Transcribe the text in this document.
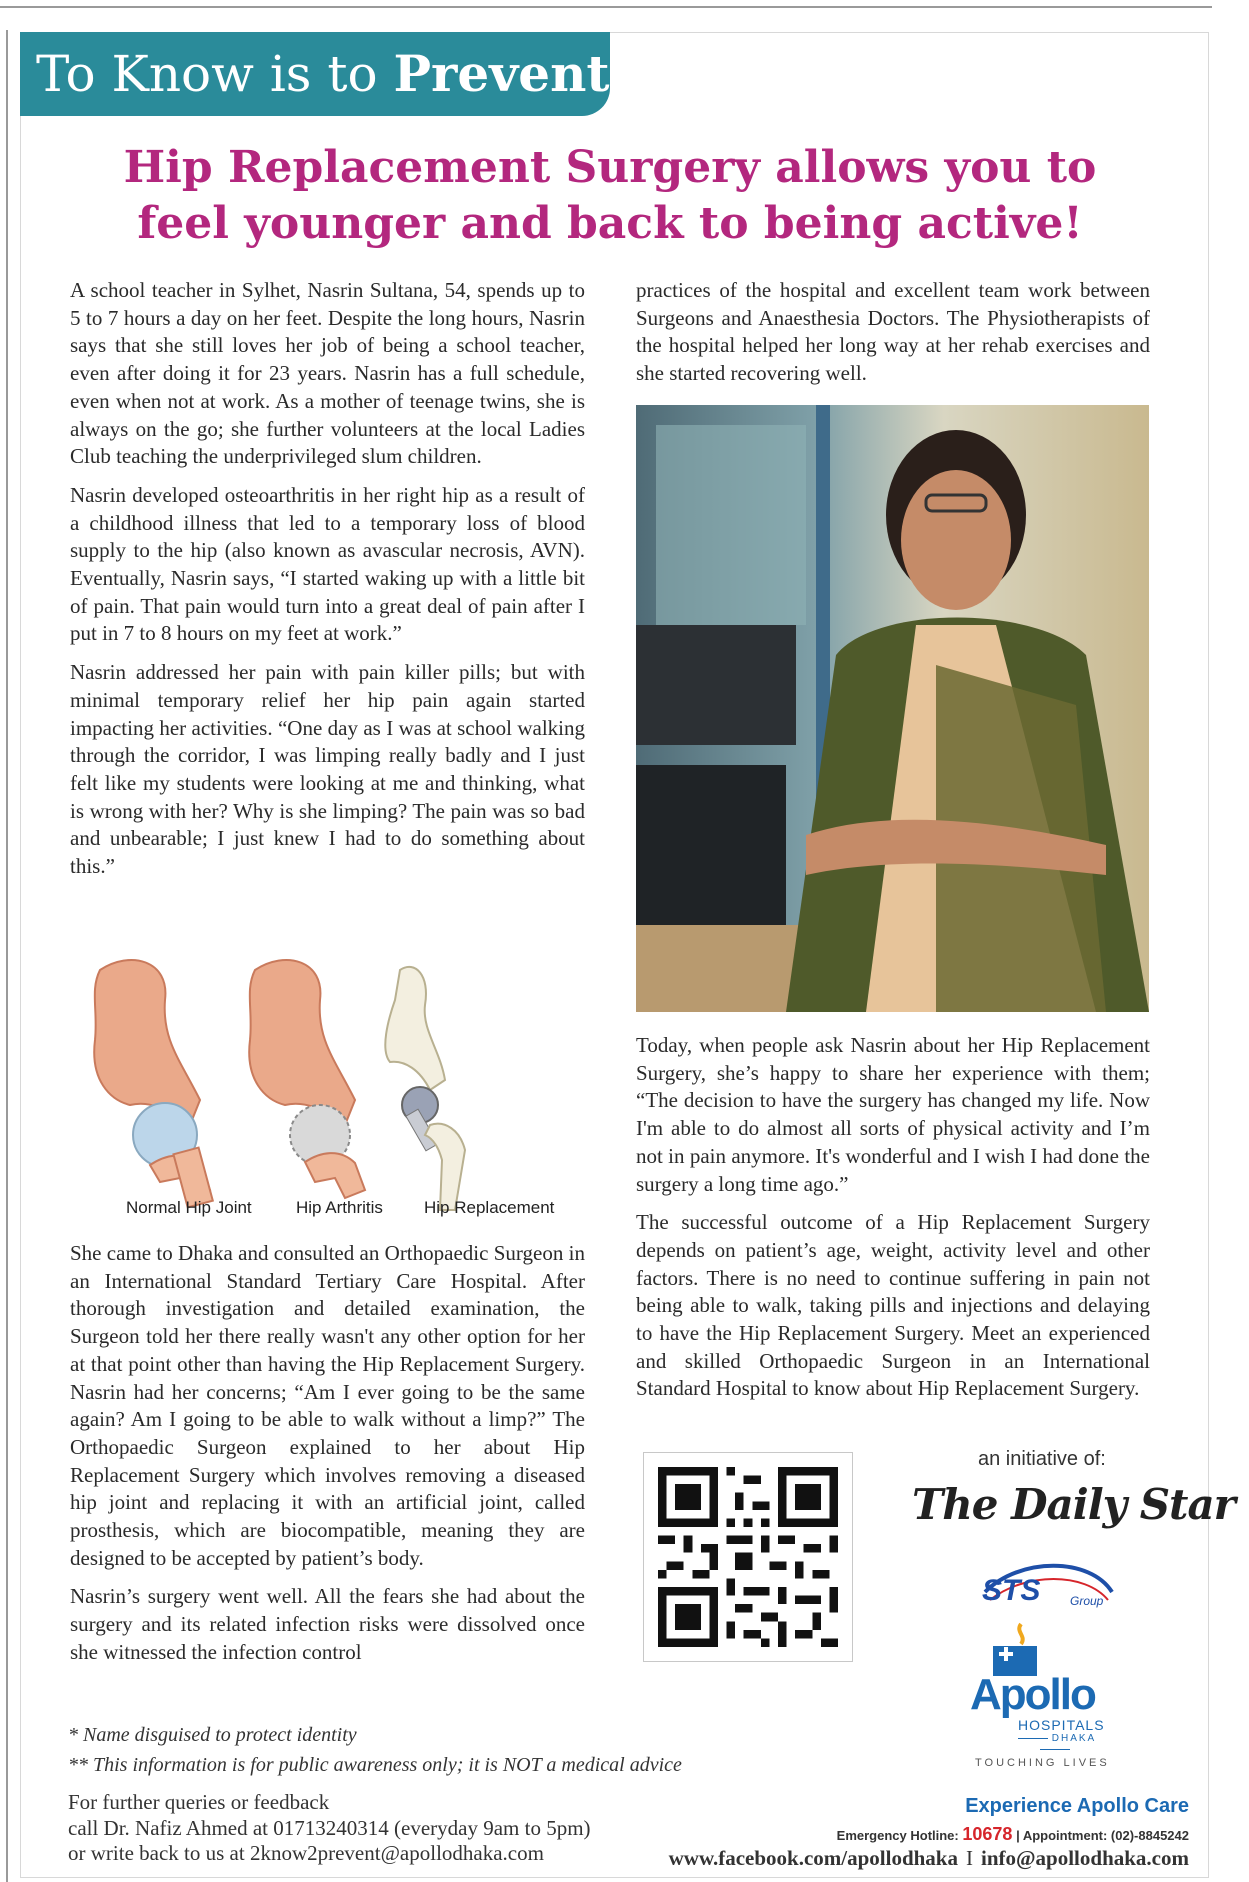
To Know is to Prevent
Hip Replacement Surgery allows you to
feel younger and back to being active!

A school teacher in Sylhet, Nasrin Sultana, 54, spends up to 5 to 7 hours a day on her feet. Despite the long hours, Nasrin says that she still loves her job of being a school teacher, even after doing it for 23 years. Nasrin has a full schedule, even when not at work. As a mother of teenage twins, she is always on the go; she further volunteers at the local Ladies Club teaching the underprivileged slum children.

Nasrin developed osteoarthritis in her right hip as a result of a childhood illness that led to a temporary loss of blood supply to the hip (also known as avascular necrosis, AVN). Eventually, Nasrin says, “I started waking up with a little bit of pain. That pain would turn into a great deal of pain after I put in 7 to 8 hours on my feet at work.”

Nasrin addressed her pain with pain killer pills; but with minimal temporary relief her hip pain again started impacting her activities. “One day as I was at school walking through the corridor, I was limping really badly and I just felt like my students were looking at me and thinking, what is wrong with her? Why is she limping? The pain was so bad and unbearable; I just knew I had to do something about this.”

Normal Hip Joint	Hip Arthritis Hip Replacement

She came to Dhaka and consulted an Orthopaedic Surgeon in an International Standard Tertiary Care Hospital. After thorough investigation and detailed examination, the Surgeon told her there really wasn't any other option for her at that point other than having the Hip Replacement Surgery. Nasrin had her concerns; “Am I ever going to be the same again? Am I going to be able to walk without a limp?” The Orthopaedic Surgeon explained to her about Hip Replacement Surgery which involves removing a diseased hip joint and replacing it with an artificial joint, called prosthesis, which are biocompatible, meaning they are designed to be accepted by patient’s body.

Nasrin’s surgery went well. All the fears she had about the surgery and its related infection risks were dissolved once she witnessed the infection control

practices of the hospital and excellent team work between Surgeons and Anaesthesia Doctors. The Physiotherapists of the hospital helped her long way at her rehab exercises and she started recovering well.

Today, when people ask Nasrin about her Hip Replacement Surgery, she’s happy to share her experience with them; “The decision to have the surgery has changed my life. Now I'm able to do almost all sorts of physical activity and I’m not in pain anymore. It's wonderful and I wish I had done the surgery a long time ago.”

The successful outcome of a Hip Replacement Surgery depends on patient’s age, weight, activity level and other factors. There is no need to continue suffering in pain not being able to walk, taking pills and injections and delaying to have the Hip Replacement Surgery. Meet an experienced and skilled Orthopaedic Surgeon in an International Standard Hospital to know about Hip Replacement Surgery.

an initiative of:
The Daily Star
STS Group
Apollo
HOSPITALS
DHAKA
TOUCHING LIVES
* Name disguised to protect identity
** This information is for public awareness only; it is NOT a medical advice
For further queries or feedback
call Dr. Nafiz Ahmed at 01713240314 (everyday 9am to 5pm)
or write back to us at 2know2prevent@apollodhaka.com
Experience Apollo Care
Emergency Hotline: 10678 | Appointment: (02)-8845242
www.facebook.com/apollodhaka I info@apollodhaka.com
